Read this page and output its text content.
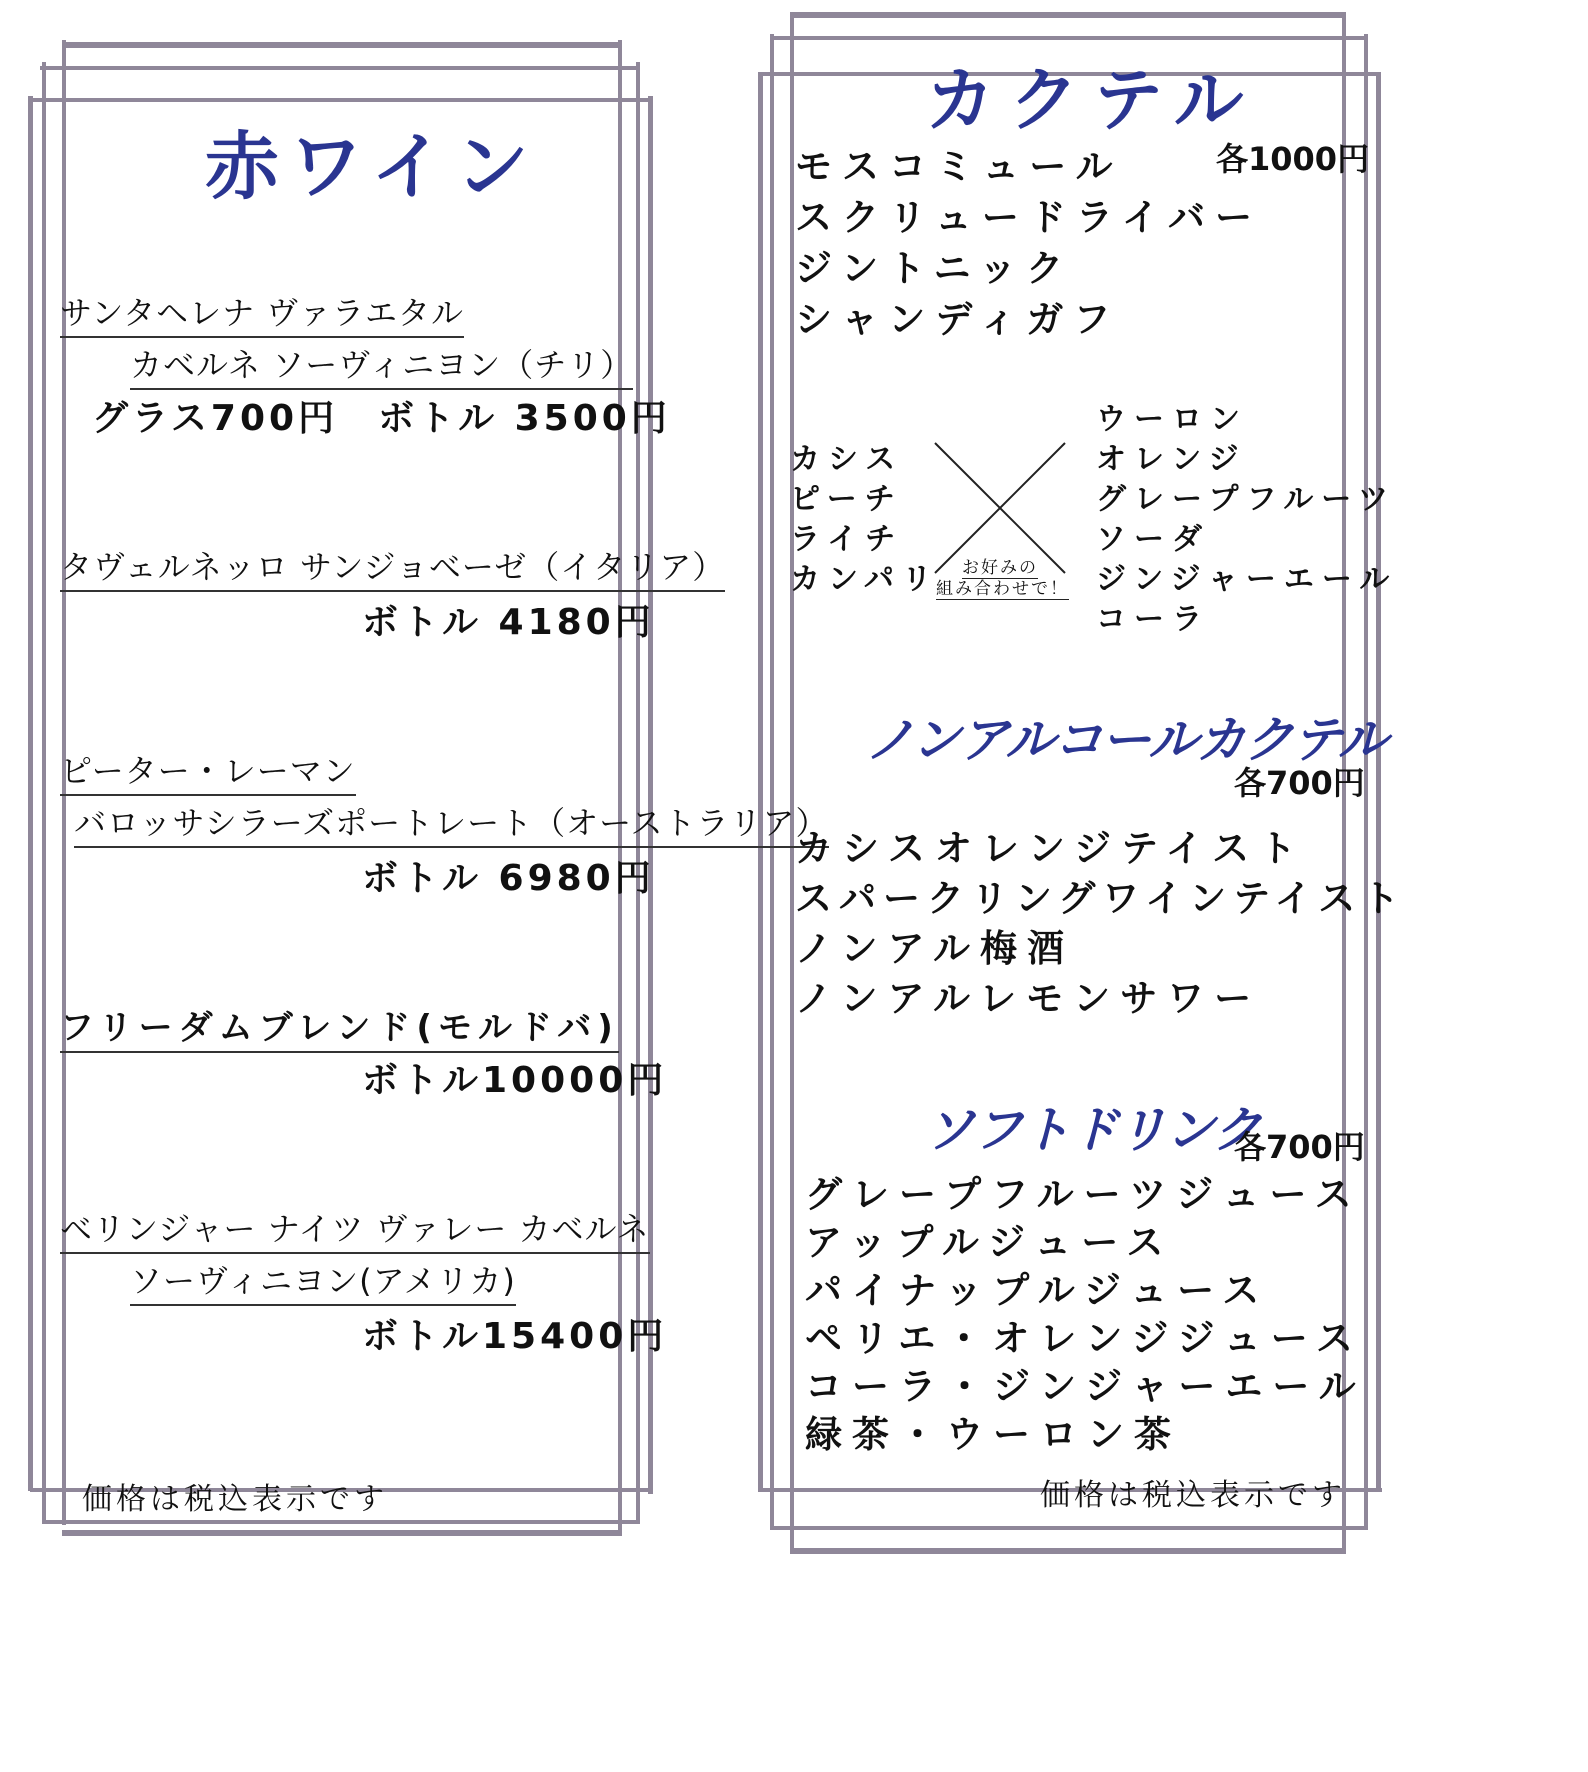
赤ワイン
サンタヘレナ ヴァラエタル
カベルネ ソーヴィニヨン（チリ）
グラス700円　ボトル 3500円
タヴェルネッロ サンジョベーゼ（イタリア）
ボトル 4180円
ピーター・レーマン
バロッサシラーズポートレート（オーストラリア）
ボトル 6980円
フリーダムブレンド(モルドバ)
ボトル10000円
ベリンジャー ナイツ ヴァレー カベルネ
ソーヴィニヨン(アメリカ)
ボトル15400円
価格は税込表示です
カクテル
各1000円
モスコミュール
スクリュードライバー
ジントニック
シャンディガフ
カシス
ピーチ
ライチ
カンパリ お好みの
組み合わせで！
ウーロン
オレンジ
グレープフルーツ
ソーダ
ジンジャーエール
コーラ
ノンアルコールカクテル
各700円
カシスオレンジテイスト
スパークリングワインテイスト
ノンアル梅酒
ノンアルレモンサワー
ソフトドリンク
各700円
グレープフルーツジュース
アップルジュース
パイナップルジュース
ペリエ・オレンジジュース
コーラ・ジンジャーエール
緑茶・ウーロン茶
価格は税込表示です
